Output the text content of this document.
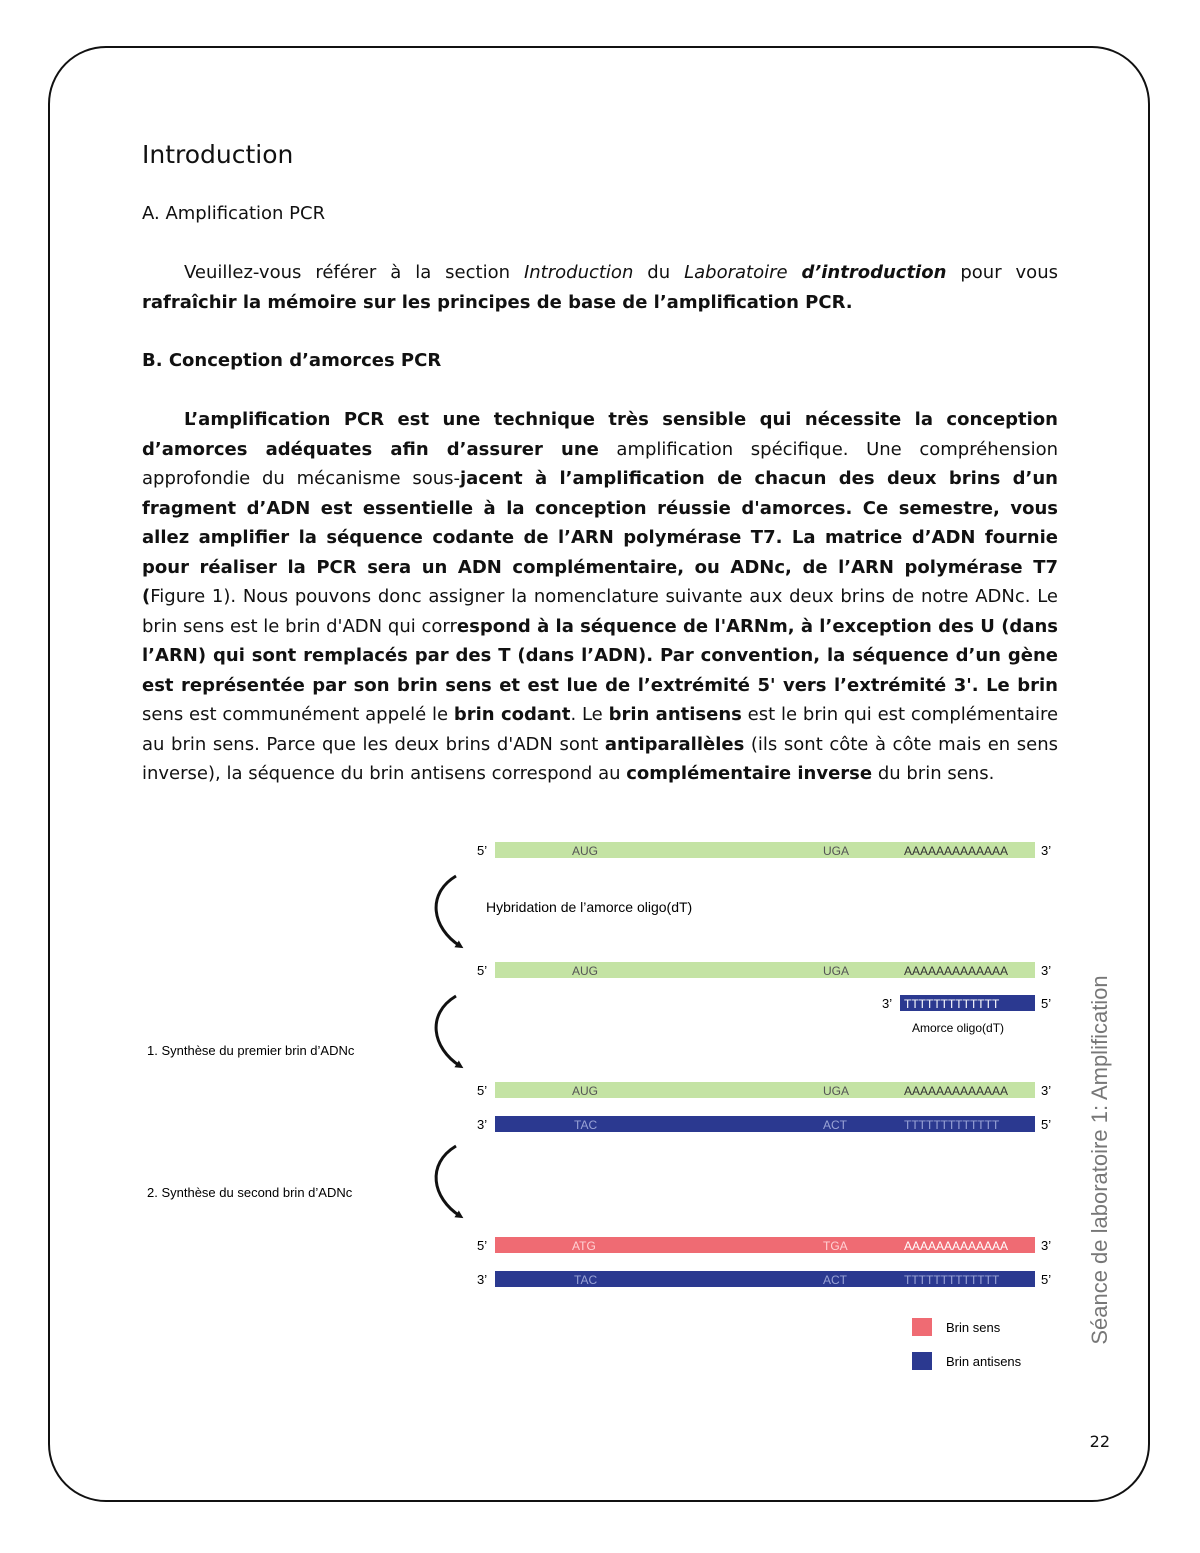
Introduction
A. Amplification PCR

Veuillez-vous référer à la section Introduction du Laboratoire d’introduction pour vous rafraîchir la mémoire sur les principes de base de l’amplification PCR.

B. Conception d’amorces PCR

L’amplification PCR est une technique très sensible qui nécessite la conception d’amorces adéquates afin d’assurer une amplification spécifique. Une compréhension approfondie du mécanisme sous-jacent à l’amplification de chacun des deux brins d’un fragment d’ADN est essentielle à la conception réussie d'amorces. Ce semestre, vous allez amplifier la séquence codante de l’ARN polymérase T7. La matrice d’ADN fournie pour réaliser la PCR sera un ADN complémentaire, ou ADNc, de l’ARN polymérase T7 (Figure 1). Nous pouvons donc assigner la nomenclature suivante aux deux brins de notre ADNc. Le brin sens est le brin d'ADN qui correspond à la séquence de l'ARNm, à l’exception des U (dans l’ARN) qui sont remplacés par des T (dans l’ADN). Par convention, la séquence d’un gène est représentée par son brin sens et est lue de l’extrémité 5' vers l’extrémité 3'. Le brin sens est communément appelé le brin codant. Le brin antisens est le brin qui est complémentaire au brin sens. Parce que les deux brins d'ADN sont antiparallèles (ils sont côte à côte mais en sens inverse), la séquence du brin antisens correspond au complémentaire inverse du brin sens.

5’	AUG	UGA	AAAAAAAAAAAAA	3’
Hybridation de l’amorce oligo(dT)
5’	AUG	UGA	AAAAAAAAAAAAA	3’
3’ TTTTTTTTTTTTT	5’
Amorce oligo(dT)
1. Synthèse du premier brin d’ADNc
5’	AUG	UGA	AAAAAAAAAAAAA	3’
3’	TAC	ACT	TTTTTTTTTTTTT	5’
2. Synthèse du second brin d’ADNc
5’	ATG	TGA	AAAAAAAAAAAAA	3’
3’	TAC	ACT	TTTTTTTTTTTTT	5’
Brin sens
Brin antisens
Séance de laboratoire 1: Amplification
22
